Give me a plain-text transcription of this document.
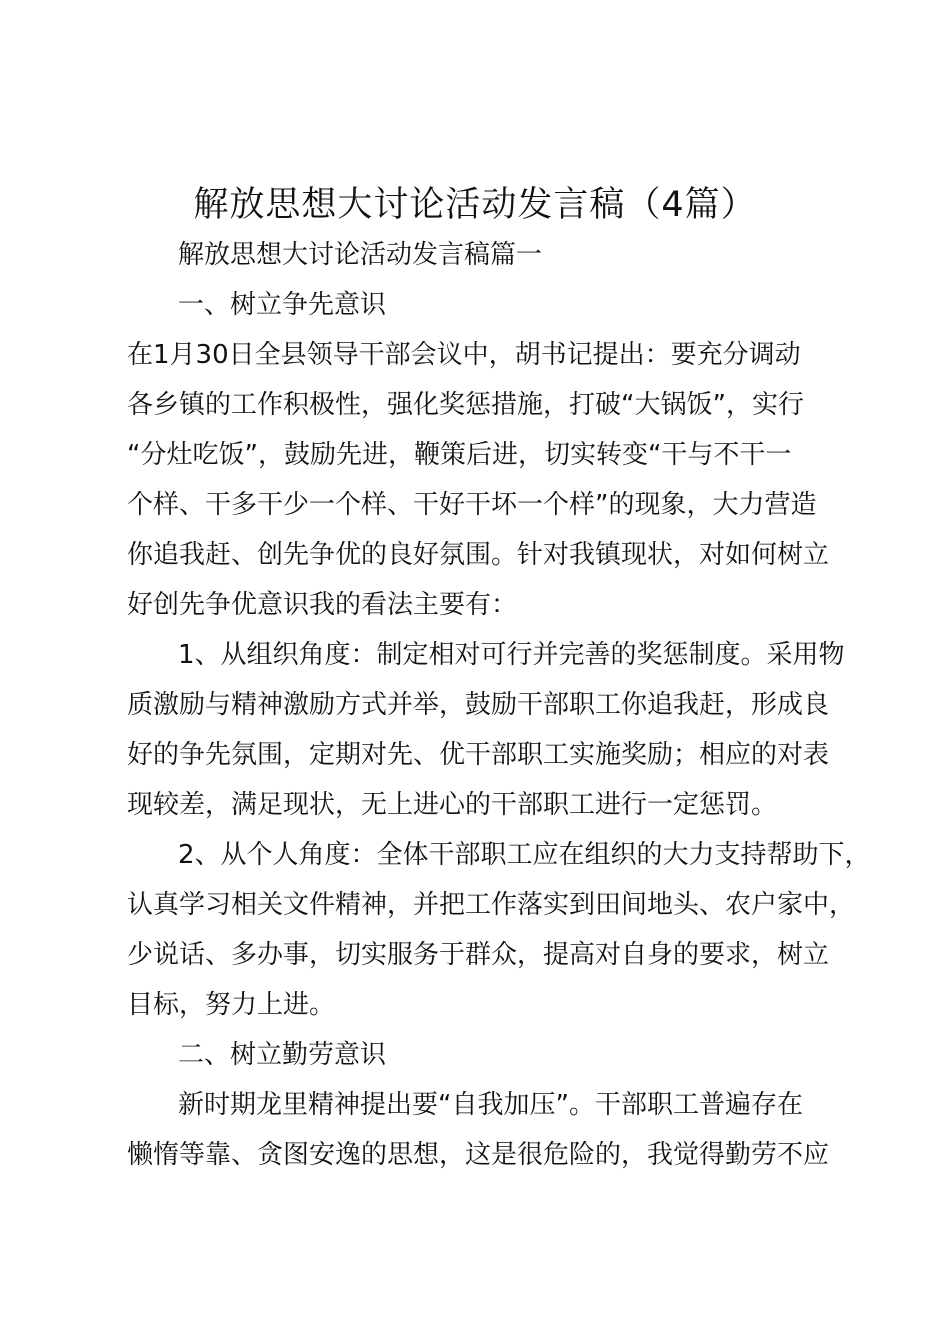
解放思想大讨论活动发言稿（4篇）
解放思想大讨论活动发言稿篇一
一、树立争先意识
在1月30日全县领导干部会议中，胡书记提出：要充分调动
各乡镇的工作积极性，强化奖惩措施，打破“大锅饭”，实行
“分灶吃饭”，鼓励先进，鞭策后进，切实转变“干与不干一
个样、干多干少一个样、干好干坏一个样”的现象，大力营造
你追我赶、创先争优的良好氛围。针对我镇现状，对如何树立
好创先争优意识我的看法主要有：
1、从组织角度：制定相对可行并完善的奖惩制度。采用物
质激励与精神激励方式并举，鼓励干部职工你追我赶，形成良
好的争先氛围，定期对先、优干部职工实施奖励；相应的对表
现较差，满足现状，无上进心的干部职工进行一定惩罚。
2、从个人角度：全体干部职工应在组织的大力支持帮助下，
认真学习相关文件精神，并把工作落实到田间地头、农户家中，
少说话、多办事，切实服务于群众，提高对自身的要求，树立
目标，努力上进。
二、树立勤劳意识
新时期龙里精神提出要“自我加压”。干部职工普遍存在
懒惰等靠、贪图安逸的思想，这是很危险的，我觉得勤劳不应
